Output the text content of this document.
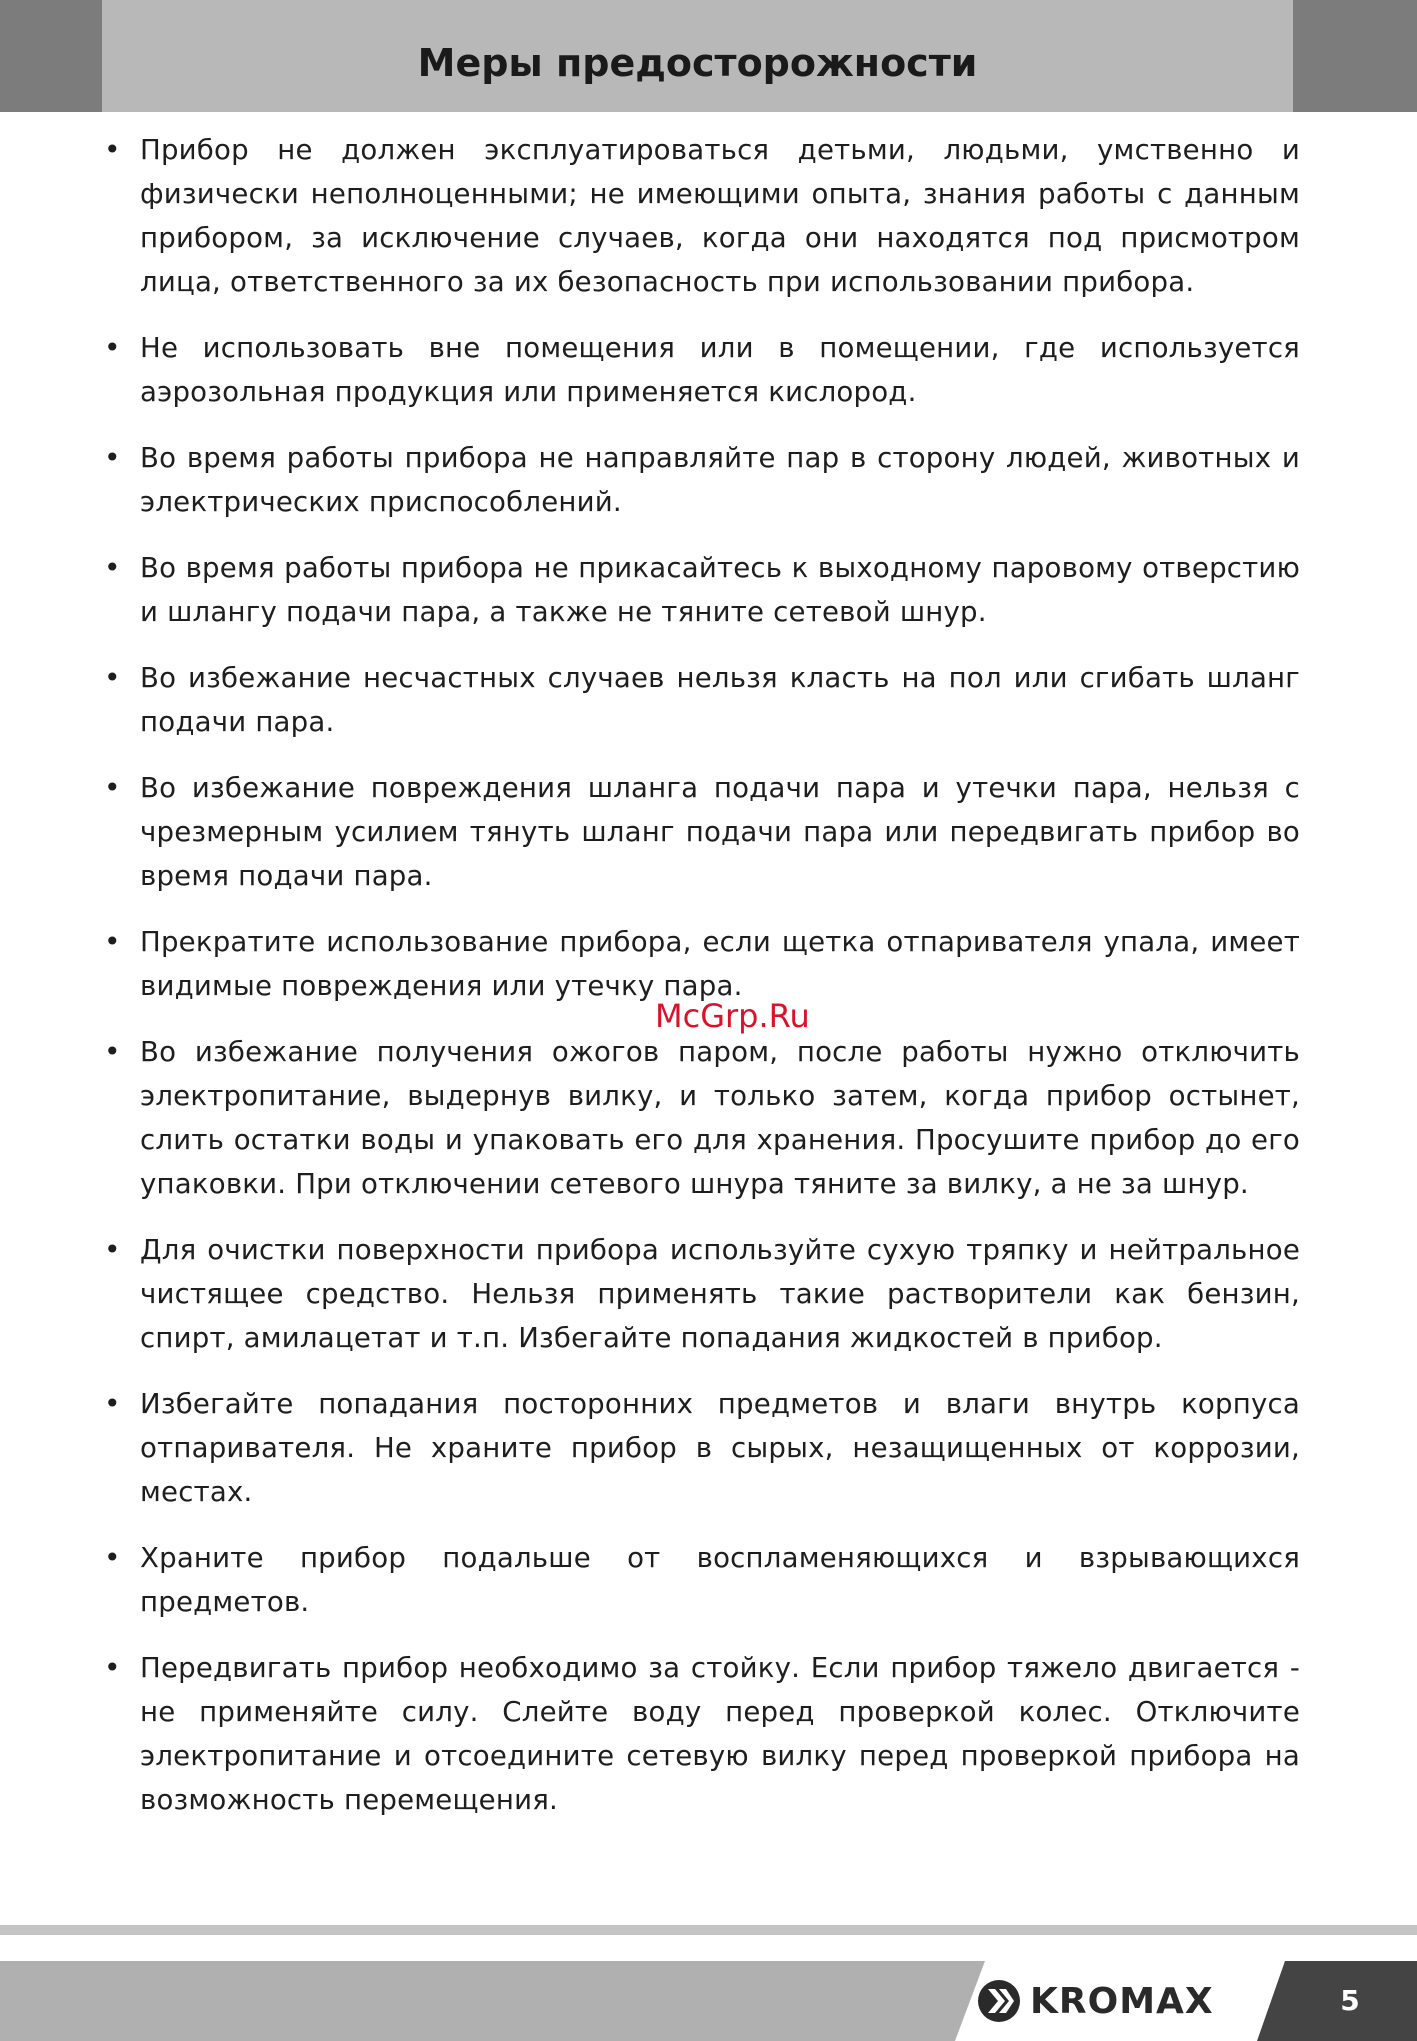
Меры предосторожности
• Прибор не должен эксплуатироваться детьми, людьми, умственно и физически неполноценными; не имеющими опыта, знания работы с данным прибором, за исключение случаев, когда они находятся под присмотром лица, ответственного за их безопасность при использовании прибора.
• Не использовать вне помещения или в помещении, где используется аэрозольная продукция или применяется кислород.
• Во время работы прибора не направляйте пар в сторону людей, животных и электрических приспособлений.
• Во время работы прибора не прикасайтесь к выходному паровому отверстию и шлангу подачи пара, а также не тяните сетевой шнур.
• Во избежание несчастных случаев нельзя класть на пол или сгибать шланг подачи пара.
• Во избежание повреждения шланга подачи пара и утечки пара, нельзя с чрезмерным усилием тянуть шланг подачи пара или передвигать прибор во время подачи пара.
• Прекратите использование прибора, если щетка отпаривателя упала, имеет видимые повреждения или утечку пара.
• Во избежание получения ожогов паром, после работы нужно отключить электропитание, выдернув вилку, и только затем, когда прибор остынет, слить остатки воды и упаковать его для хранения. Просушите прибор до его упаковки. При отключении сетевого шнура тяните за вилку, а не за шнур.
• Для очистки поверхности прибора используйте сухую тряпку и нейтральное чистящее средство. Нельзя применять такие растворители как бензин, спирт, амилацетат и т.п. Избегайте попадания жидкостей в прибор.
• Избегайте попадания посторонних предметов и влаги внутрь корпуса отпаривателя. Не храните прибор в сырых, незащищенных от коррозии, местах.
• Храните прибор подальше от воспламеняющихся и взрывающихся предметов.
• Передвигать прибор необходимо за стойку. Если прибор тяжело двигается - не применяйте силу. Слейте воду перед проверкой колес. Отключите электропитание и отсоедините сетевую вилку перед проверкой прибора на возможность перемещения.
McGrp.Ru
KROMAX	5
